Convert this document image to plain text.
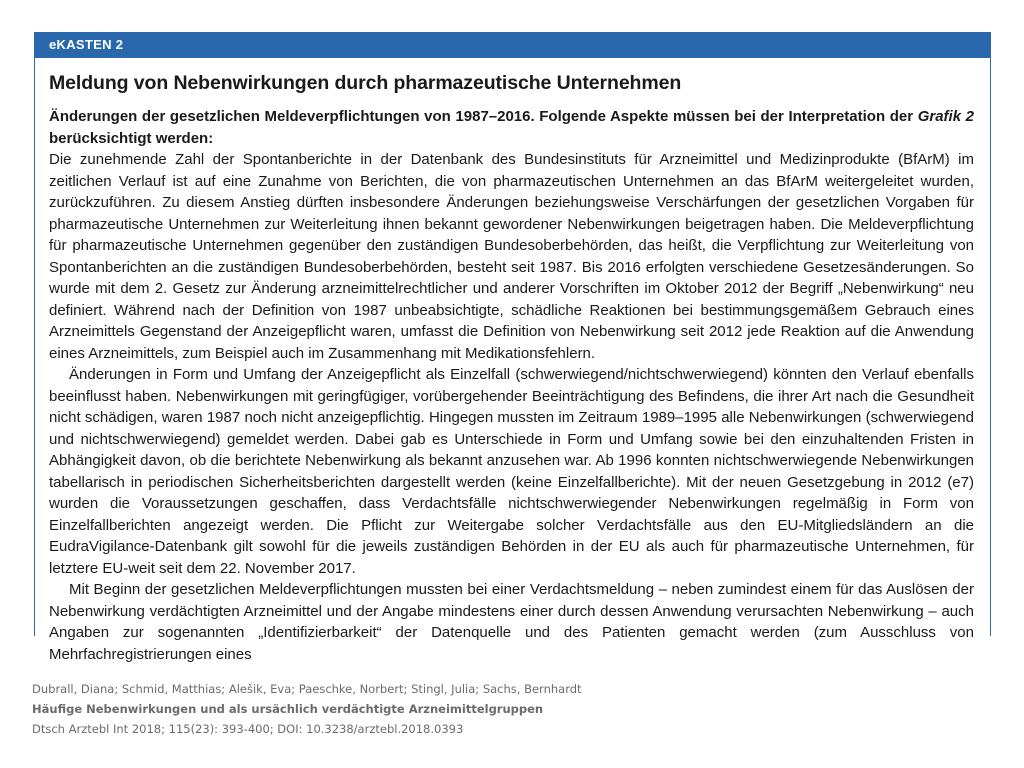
eKASTEN 2
Meldung von Nebenwirkungen durch pharmazeutische Unternehmen

Änderungen der gesetzlichen Meldeverpflichtungen von 1987–2016. Folgende Aspekte müssen bei der Interpretation der Grafik 2 berücksichtigt werden:

Die zunehmende Zahl der Spontanberichte in der Datenbank des Bundesinstituts für Arzneimittel und Medizinprodukte (BfArM) im zeitlichen Verlauf ist auf eine Zunahme von Berichten, die von pharmazeutischen Unternehmen an das BfArM weitergeleitet wurden, zurückzuführen. Zu diesem Anstieg dürften insbesondere Änderungen beziehungsweise Verschärfungen der gesetzlichen Vorgaben für pharmazeutische Unternehmen zur Weiterleitung ihnen bekannt gewordener Nebenwirkungen beigetragen haben. Die Meldeverpflichtung für pharmazeutische Unternehmen gegenüber den zuständigen Bundesoberbehörden, das heißt, die Verpflichtung zur Weiterleitung von Spontanberichten an die zuständigen Bundesoberbehörden, besteht seit 1987. Bis 2016 erfolgten verschiedene Gesetzesänderungen. So wurde mit dem 2. Gesetz zur Änderung arzneimittelrechtlicher und anderer Vorschriften im Oktober 2012 der Begriff „Nebenwirkung“ neu definiert. Während nach der Definition von 1987 unbeabsichtigte, schädliche Reaktionen bei bestimmungsgemäßem Gebrauch eines Arzneimittels Gegenstand der Anzeigepflicht waren, umfasst die Definition von Nebenwirkung seit 2012 jede Reaktion auf die Anwendung eines Arzneimittels, zum Beispiel auch im Zusammenhang mit Medikationsfehlern.

Änderungen in Form und Umfang der Anzeigepflicht als Einzelfall (schwerwiegend/nichtschwerwiegend) könnten den Verlauf ebenfalls beeinflusst haben. Nebenwirkungen mit geringfügiger, vorübergehender Beeinträchtigung des Befindens, die ihrer Art nach die Gesundheit nicht schädigen, waren 1987 noch nicht anzeigepflichtig. Hingegen mussten im Zeitraum 1989–1995 alle Nebenwirkungen (schwerwiegend und nichtschwerwiegend) gemeldet werden. Dabei gab es Unterschiede in Form und Umfang sowie bei den einzuhaltenden Fristen in Abhängigkeit davon, ob die berichtete Nebenwirkung als bekannt anzusehen war. Ab 1996 konnten nichtschwerwiegende Nebenwirkungen tabellarisch in periodischen Sicherheitsberichten dargestellt werden (keine Einzelfallberichte). Mit der neuen Gesetzgebung in 2012 (e7) wurden die Voraussetzungen geschaffen, dass Verdachtsfälle nichtschwerwiegender Nebenwirkungen regelmäßig in Form von Einzelfallberichten angezeigt werden. Die Pflicht zur Weitergabe solcher Verdachtsfälle aus den EU-Mitgliedsländern an die EudraVigilance-Datenbank gilt sowohl für die jeweils zuständigen Behörden in der EU als auch für pharmazeutische Unternehmen, für letztere EU-weit seit dem 22. November 2017.

Mit Beginn der gesetzlichen Meldeverpflichtungen mussten bei einer Verdachtsmeldung – neben zumindest einem für das Auslösen der Nebenwirkung verdächtigten Arzneimittel und der Angabe mindestens einer durch dessen Anwendung verursachten Nebenwirkung – auch Angaben zur sogenannten „Identifizierbarkeit“ der Datenquelle und des Patienten gemacht werden (zum Ausschluss von Mehrfachregistrierungen eines

Dubrall, Diana; Schmid, Matthias; Alešik, Eva; Paeschke, Norbert; Stingl, Julia; Sachs, Bernhardt
Häufige Nebenwirkungen und als ursächlich verdächtigte Arzneimittelgruppen
Dtsch Arztebl Int 2018; 115(23): 393-400; DOI: 10.3238/arztebl.2018.0393
